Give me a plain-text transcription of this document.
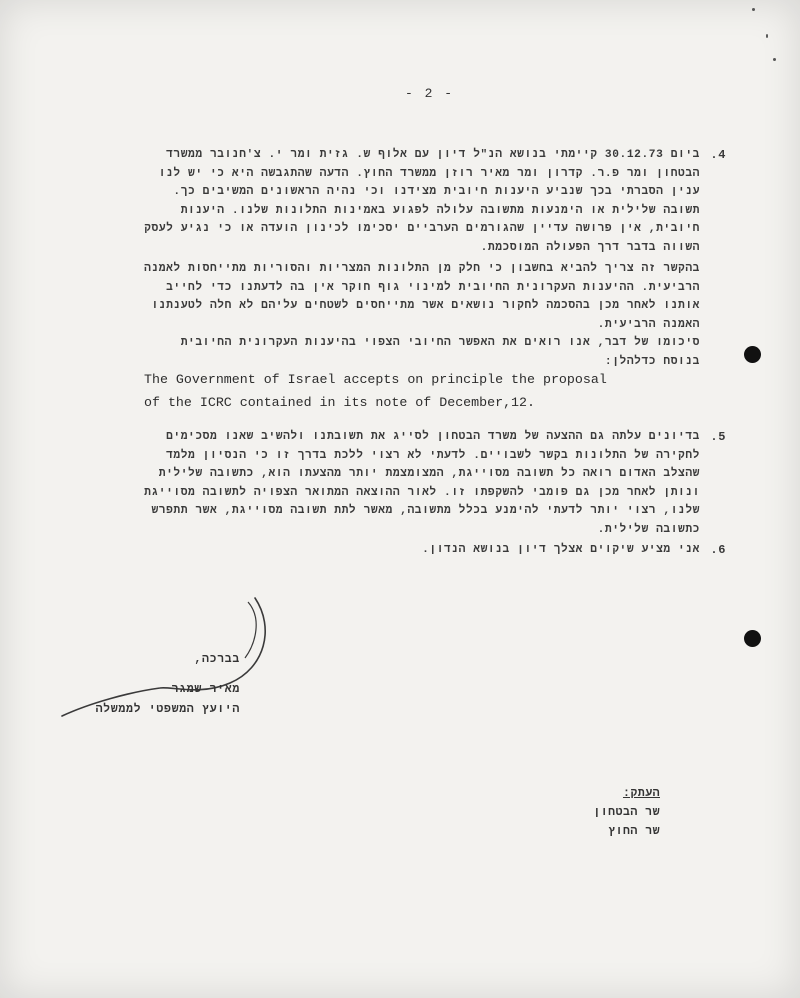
- 2 -
.4
ביום 30.12.73 קיימתי בנושא הנ"ל דיון עם אלוף ש. גזית ומר י. צ'חנובר ממשרד
הבטחון ומר פ.ר. קדרון ומר מאיר רוזן ממשרד החוץ. הדעה שהתגבשה היא כי יש לנו
ענין הסברתי בכך שנביע היענות חיובית מצידנו וכי נהיה הראשונים המשיבים כך.
תשובה שלילית או הימנעות מתשובה עלולה לפגוע באמינות התלונות שלנו. היענות
חיובית, אין פרושה עדיין שהגורמים הערביים יסכימו לכינון הועדה או כי נגיע לעסק
השווה בדבר דרך הפעולה המוסכמת.
בהקשר זה צריך להביא בחשבון כי חלק מן התלונות המצריות והסוריות מתייחסות לאמנה
הרביעית. ההיענות העקרונית החיובית למינוי גוף חוקר אין בה לדעתנו כדי לחייב
אותנו לאחר מכן בהסכמה לחקור נושאים אשר מתייחסים לשטחים עליהם לא חלה לטענתנו
האמנה הרביעית.
סיכומו של דבר, אנו רואים את האפשר החיובי הצפוי בהיענות העקרונית החיובית
בנוסח כדלהלן:
The Government of Israel accepts on principle the proposal
of the ICRC contained in its note of December,12.
.5
בדיונים עלתה גם ההצעה של משרד הבטחון לסייג את תשובתנו ולהשיב שאנו מסכימים
לחקירה של התלונות בקשר לשבויים. לדעתי לא רצוי ללכת בדרך זו כי הנסיון מלמד
שהצלב האדום רואה כל תשובה מסוייגת, המצומצמת יותר מהצעתו הוא, כתשובה שלילית
ונותן לאחר מכן גם פומבי להשקפתו זו. לאור ההוצאה המתואר הצפויה לתשובה מסוייגת
שלנו, רצוי יותר לדעתי להימנע בכלל מתשובה, מאשר לתת תשובה מסוייגת, אשר תתפרש
כתשובה שלילית.
.6
אני מציע שיקוים אצלך דיון בנושא הנדון.
בברכה,
מאיר שמגר
היועץ המשפטי לממשלה
העתק:
שר הבטחון
שר החוץ
